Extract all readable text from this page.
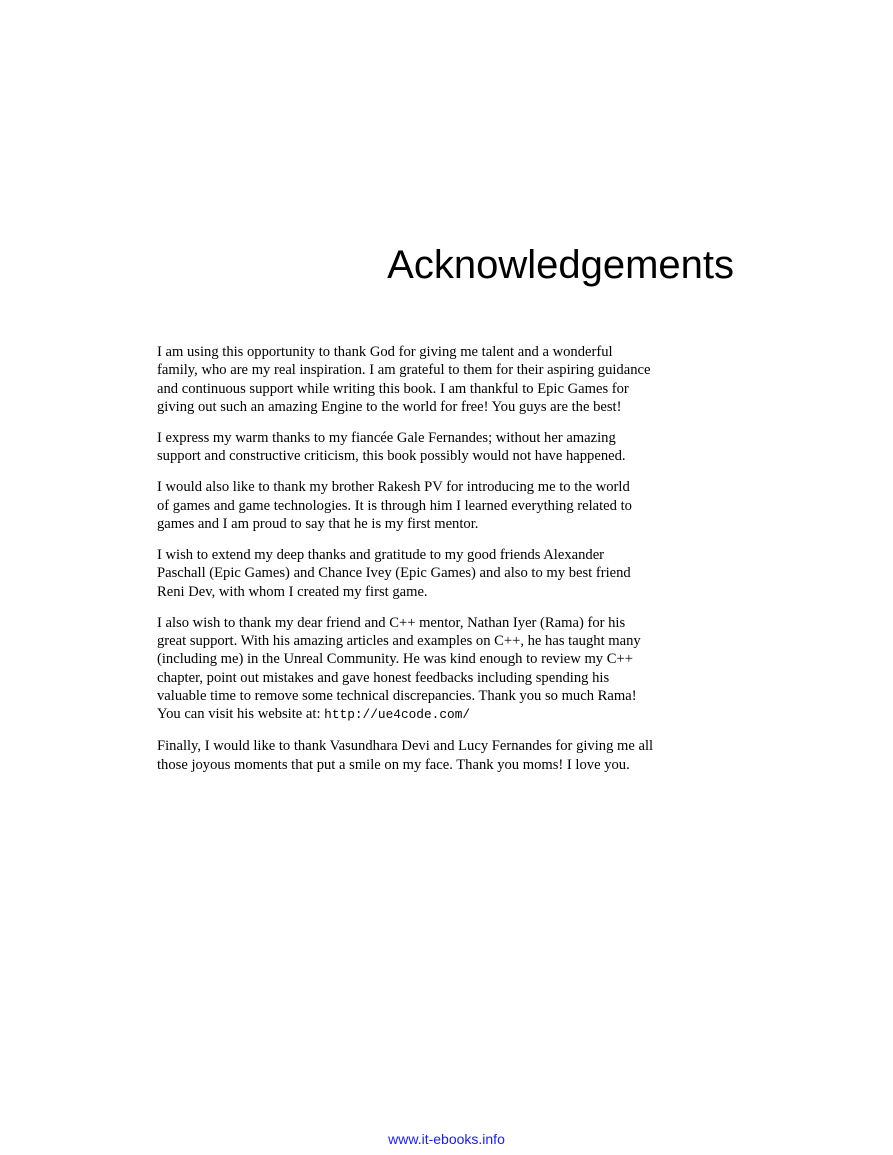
Acknowledgements

I am using this opportunity to thank God for giving me talent and a wonderful
family, who are my real inspiration. I am grateful to them for their aspiring guidance
and continuous support while writing this book. I am thankful to Epic Games for
giving out such an amazing Engine to the world for free! You guys are the best!

I express my warm thanks to my fiancée Gale Fernandes; without her amazing
support and constructive criticism, this book possibly would not have happened.

I would also like to thank my brother Rakesh PV for introducing me to the world
of games and game technologies. It is through him I learned everything related to
games and I am proud to say that he is my first mentor.

I wish to extend my deep thanks and gratitude to my good friends Alexander
Paschall (Epic Games) and Chance Ivey (Epic Games) and also to my best friend
Reni Dev, with whom I created my first game.

I also wish to thank my dear friend and C++ mentor, Nathan Iyer (Rama) for his
great support. With his amazing articles and examples on C++, he has taught many
(including me) in the Unreal Community. He was kind enough to review my C++
chapter, point out mistakes and gave honest feedbacks including spending his
valuable time to remove some technical discrepancies. Thank you so much Rama!
You can visit his website at: http://ue4code.com/

Finally, I would like to thank Vasundhara Devi and Lucy Fernandes for giving me all
those joyous moments that put a smile on my face. Thank you moms! I love you.

www.it-ebooks.info
